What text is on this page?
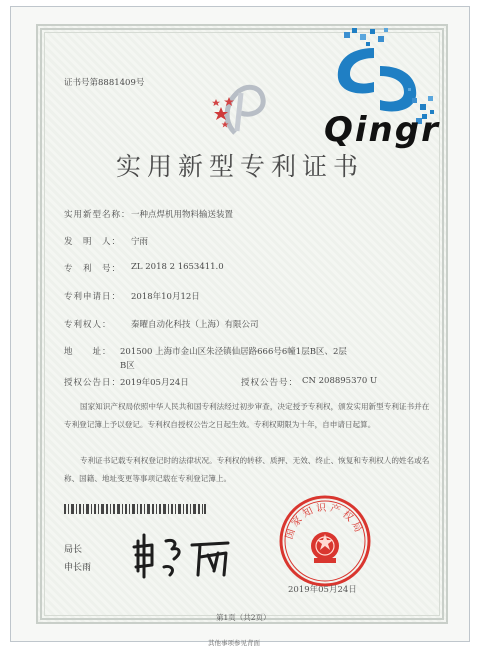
证书号第8881409号
Qingr
实用新型专利证书
实用新型名称： 一种点焊机用物料输送装置
发　明　人： 宁雨
专　利　号： ZL 2018 2 1653411.0
专利申请日： 2018年10月12日
专利权人： 秦曜自动化科技（上海）有限公司
地　　址： 201500 上海市金山区朱泾镇仙居路666号6幢1层B区、2层
B区
授权公告日：
2019年05月24日	授权公告号： CN 208895370 U
国家知识产权局依照中华人民共和国专利法经过初步审查，决定授予专利权，颁发实用新型专利证书并在专利登记簿上予以登记。专利权自授权公告之日起生效。专利权期限为十年，自申请日起算。
专利证书记载专利权登记时的法律状况。专利权的转移、质押、无效、终止、恢复和专利权人的姓名或名称、国籍、地址变更等事项记载在专利登记簿上。
局长
申长雨
国家知识产权局
2019年05月24日
第1页（共2页）
其他事项参见背面
